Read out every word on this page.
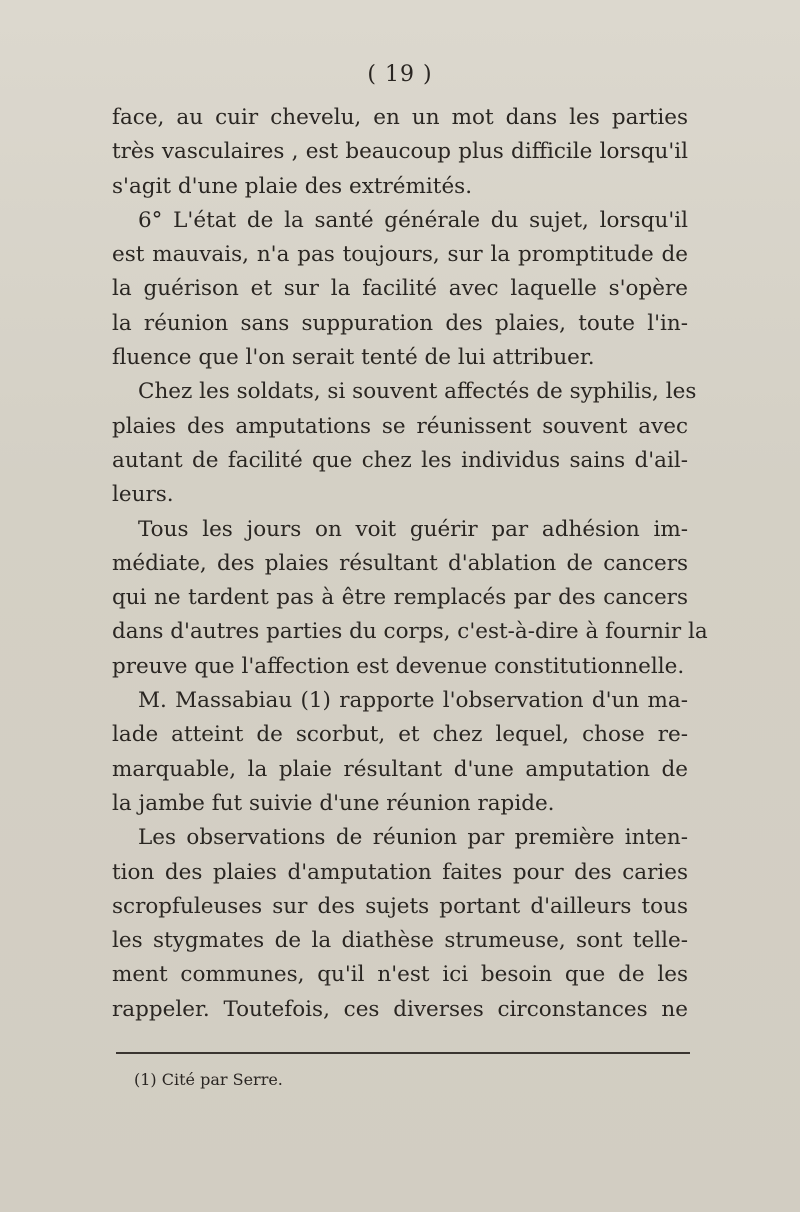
( 19 )
face, au cuir chevelu, en un mot dans les parties
très vasculaires , est beaucoup plus difficile lorsqu'il
s'agit d'une plaie des extrémités.
6° L'état de la santé générale du sujet, lorsqu'il
est mauvais, n'a pas toujours, sur la promptitude de
la guérison et sur la facilité avec laquelle s'opère
la réunion sans suppuration des plaies, toute l'in-
fluence que l'on serait tenté de lui attribuer.
Chez les soldats, si souvent affectés de syphilis, les
plaies des amputations se réunissent souvent avec
autant de facilité que chez les individus sains d'ail-
leurs.
Tous les jours on voit guérir par adhésion im-
médiate, des plaies résultant d'ablation de cancers
qui ne tardent pas à être remplacés par des cancers
dans d'autres parties du corps, c'est-à-dire à fournir la
preuve que l'affection est devenue constitutionnelle.
M. Massabiau (1) rapporte l'observation d'un ma-
lade atteint de scorbut, et chez lequel, chose re-
marquable, la plaie résultant d'une amputation de
la jambe fut suivie d'une réunion rapide.
Les observations de réunion par première inten-
tion des plaies d'amputation faites pour des caries
scropfuleuses sur des sujets portant d'ailleurs tous
les stygmates de la diathèse strumeuse, sont telle-
ment communes, qu'il n'est ici besoin que de les
rappeler. Toutefois, ces diverses circonstances ne
(1) Cité par Serre.
